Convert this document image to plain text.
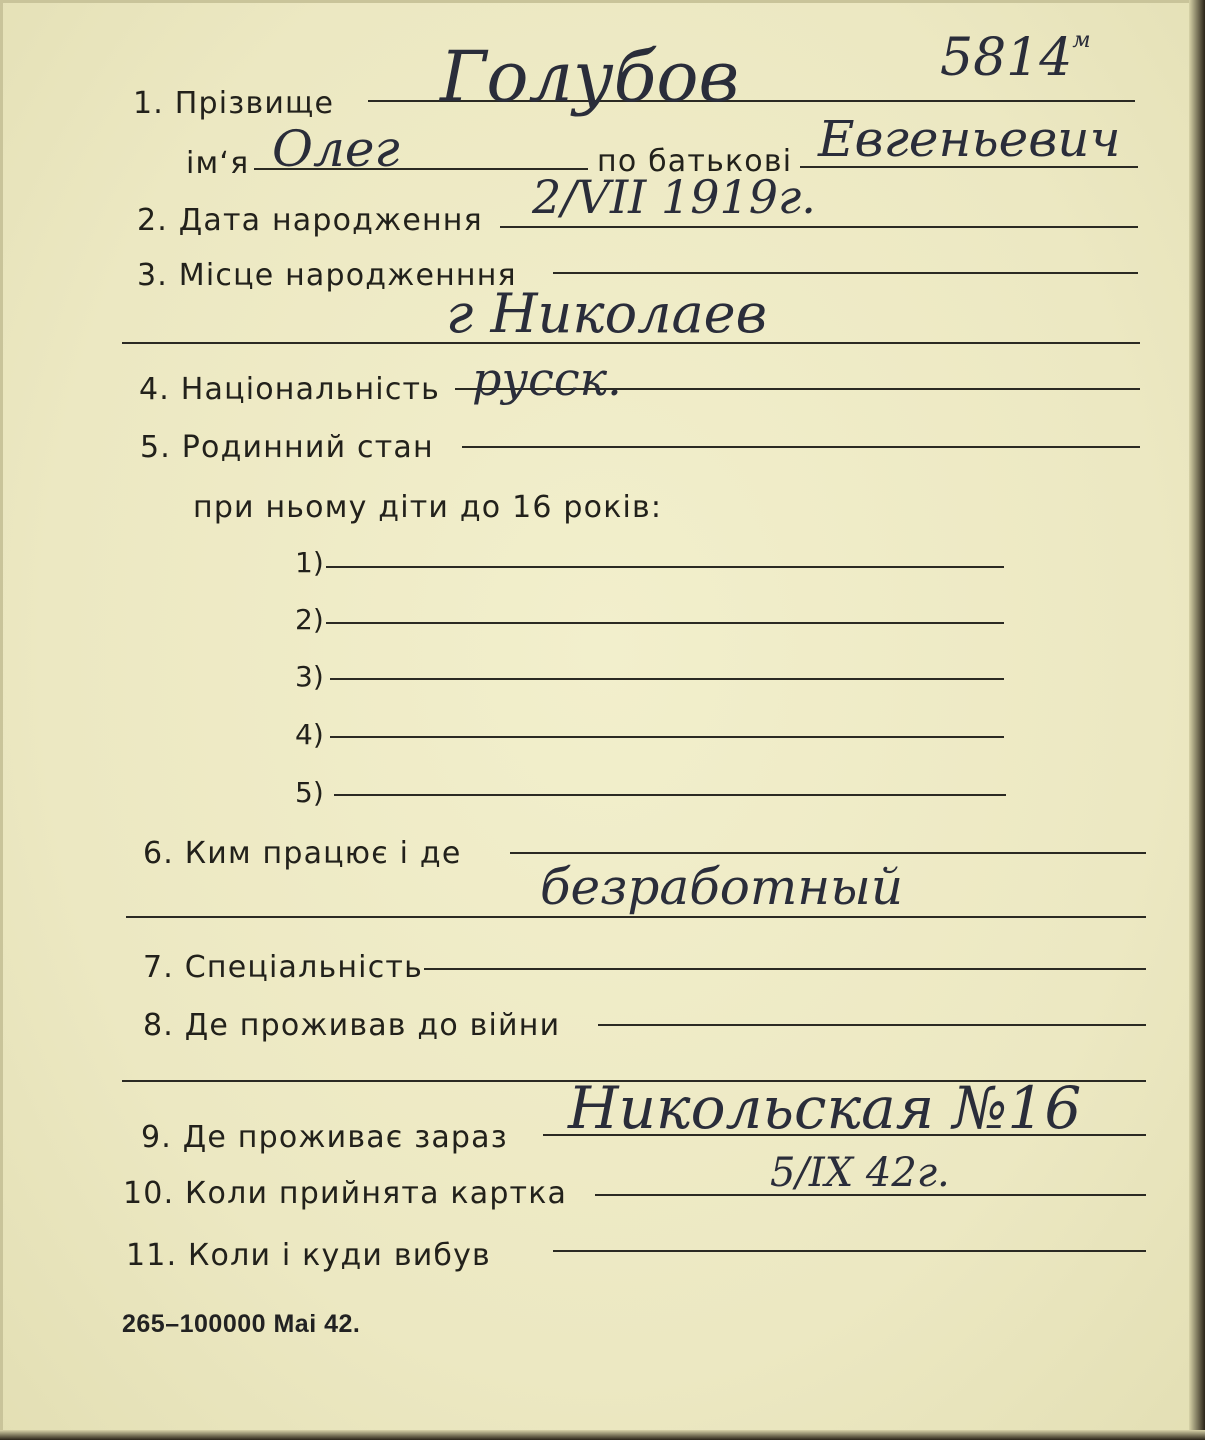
$5814^м$
1. Прізвище Голубов
ім‘я Олег	по батькові Евгеньевич
2. Дата народження 2/VII 1919г.
3. Місце народженння
г Николаев
4. Національність русск.
5. Родинний стан
при ньому діти до 16 років:
1)
2)
3)
4)
5)
6. Ким працює і де
безработный
7. Спеціальність
8. Де проживав до війни
9. Де проживає зараз Никольская №16
10. Коли прийнята картка	5/IX 42г.
11. Коли і куди вибув
265–100000 Mai 42.
